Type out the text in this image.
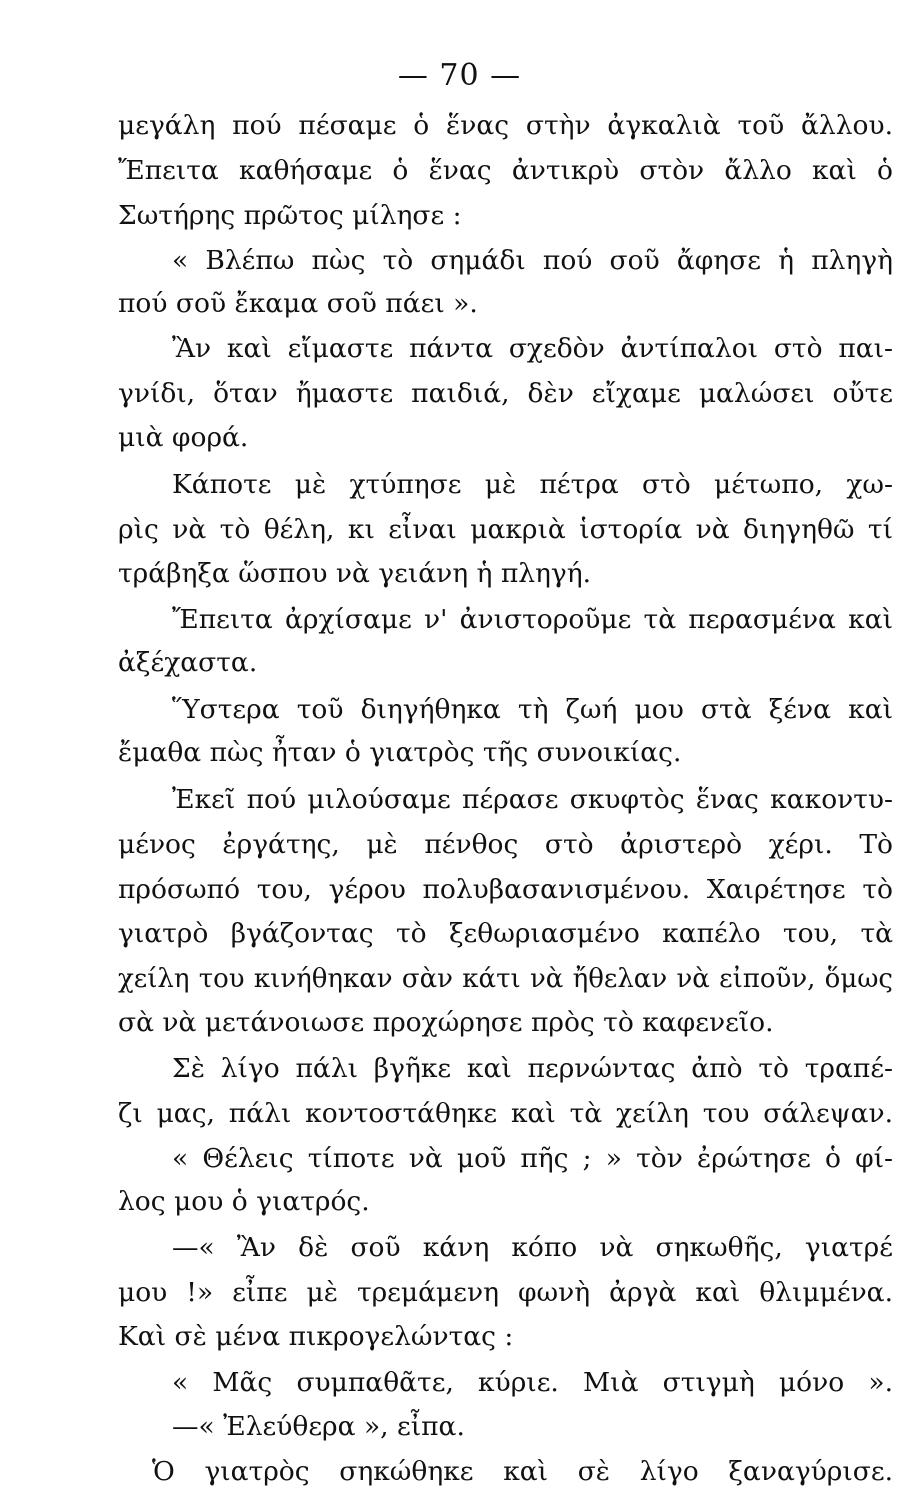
— 70 —
μεγάλη πού πέσαμε ὁ ἕνας στὴν ἀγκαλιὰ τοῦ ἄλλου.
Ἔπειτα καθήσαμε ὁ ἕνας ἀντικρὺ στὸν ἄλλο καὶ ὁ
Σωτήρης πρῶτος μίλησε :
« Βλέπω πὼς τὸ σημάδι πού σοῦ ἄφησε ἡ πληγὴ
πού σοῦ ἔκαμα σοῦ πάει ».
Ἂν καὶ εἴμαστε πάντα σχεδὸν ἀντίπαλοι στὸ παι-
γνίδι, ὅταν ἤμαστε παιδιά, δὲν εἴχαμε μαλώσει οὔτε
μιὰ φορά.
Κάποτε μὲ χτύπησε μὲ πέτρα στὸ μέτωπο, χω-
ρὶς νὰ τὸ θέλη, κι εἶναι μακριὰ ἱστορία νὰ διηγηθῶ τί
τράβηξα ὥσπου νὰ γειάνη ἡ πληγή.
Ἔπειτα ἀρχίσαμε ν' ἀνιστοροῦμε τὰ περασμένα καὶ
ἀξέχαστα.
Ὕστερα τοῦ διηγήθηκα τὴ ζωή μου στὰ ξένα καὶ
ἔμαθα πὼς ἦταν ὁ γιατρὸς τῆς συνοικίας.
Ἐκεῖ πού μιλούσαμε πέρασε σκυφτὸς ἕνας κακοντυ-
μένος ἐργάτης, μὲ πένθος στὸ ἀριστερὸ χέρι. Τὸ
πρόσωπό του, γέρου πολυβασανισμένου. Χαιρέτησε τὸ
γιατρὸ βγάζοντας τὸ ξεθωριασμένο καπέλο του, τὰ
χείλη του κινήθηκαν σὰν κάτι νὰ ἤθελαν νὰ εἰποῦν, ὅμως
σὰ νὰ μετάνοιωσε προχώρησε πρὸς τὸ καφενεῖο.
Σὲ λίγο πάλι βγῆκε καὶ περνώντας ἀπὸ τὸ τραπέ-
ζι μας, πάλι κοντοστάθηκε καὶ τὰ χείλη του σάλεψαν.
« Θέλεις τίποτε νὰ μοῦ πῆς ; » τὸν ἐρώτησε ὁ φί-
λος μου ὁ γιατρός.
—« Ἂν δὲ σοῦ κάνη κόπο νὰ σηκωθῆς, γιατρέ
μου !» εἶπε μὲ τρεμάμενη φωνὴ ἀργὰ καὶ θλιμμένα.
Καὶ σὲ μένα πικρογελώντας :
« Μᾶς συμπαθᾶτε, κύριε. Μιὰ στιγμὴ μόνο ».
—« Ἐλεύθερα », εἶπα.
Ὁ γιατρὸς σηκώθηκε καὶ σὲ λίγο ξαναγύρισε.
